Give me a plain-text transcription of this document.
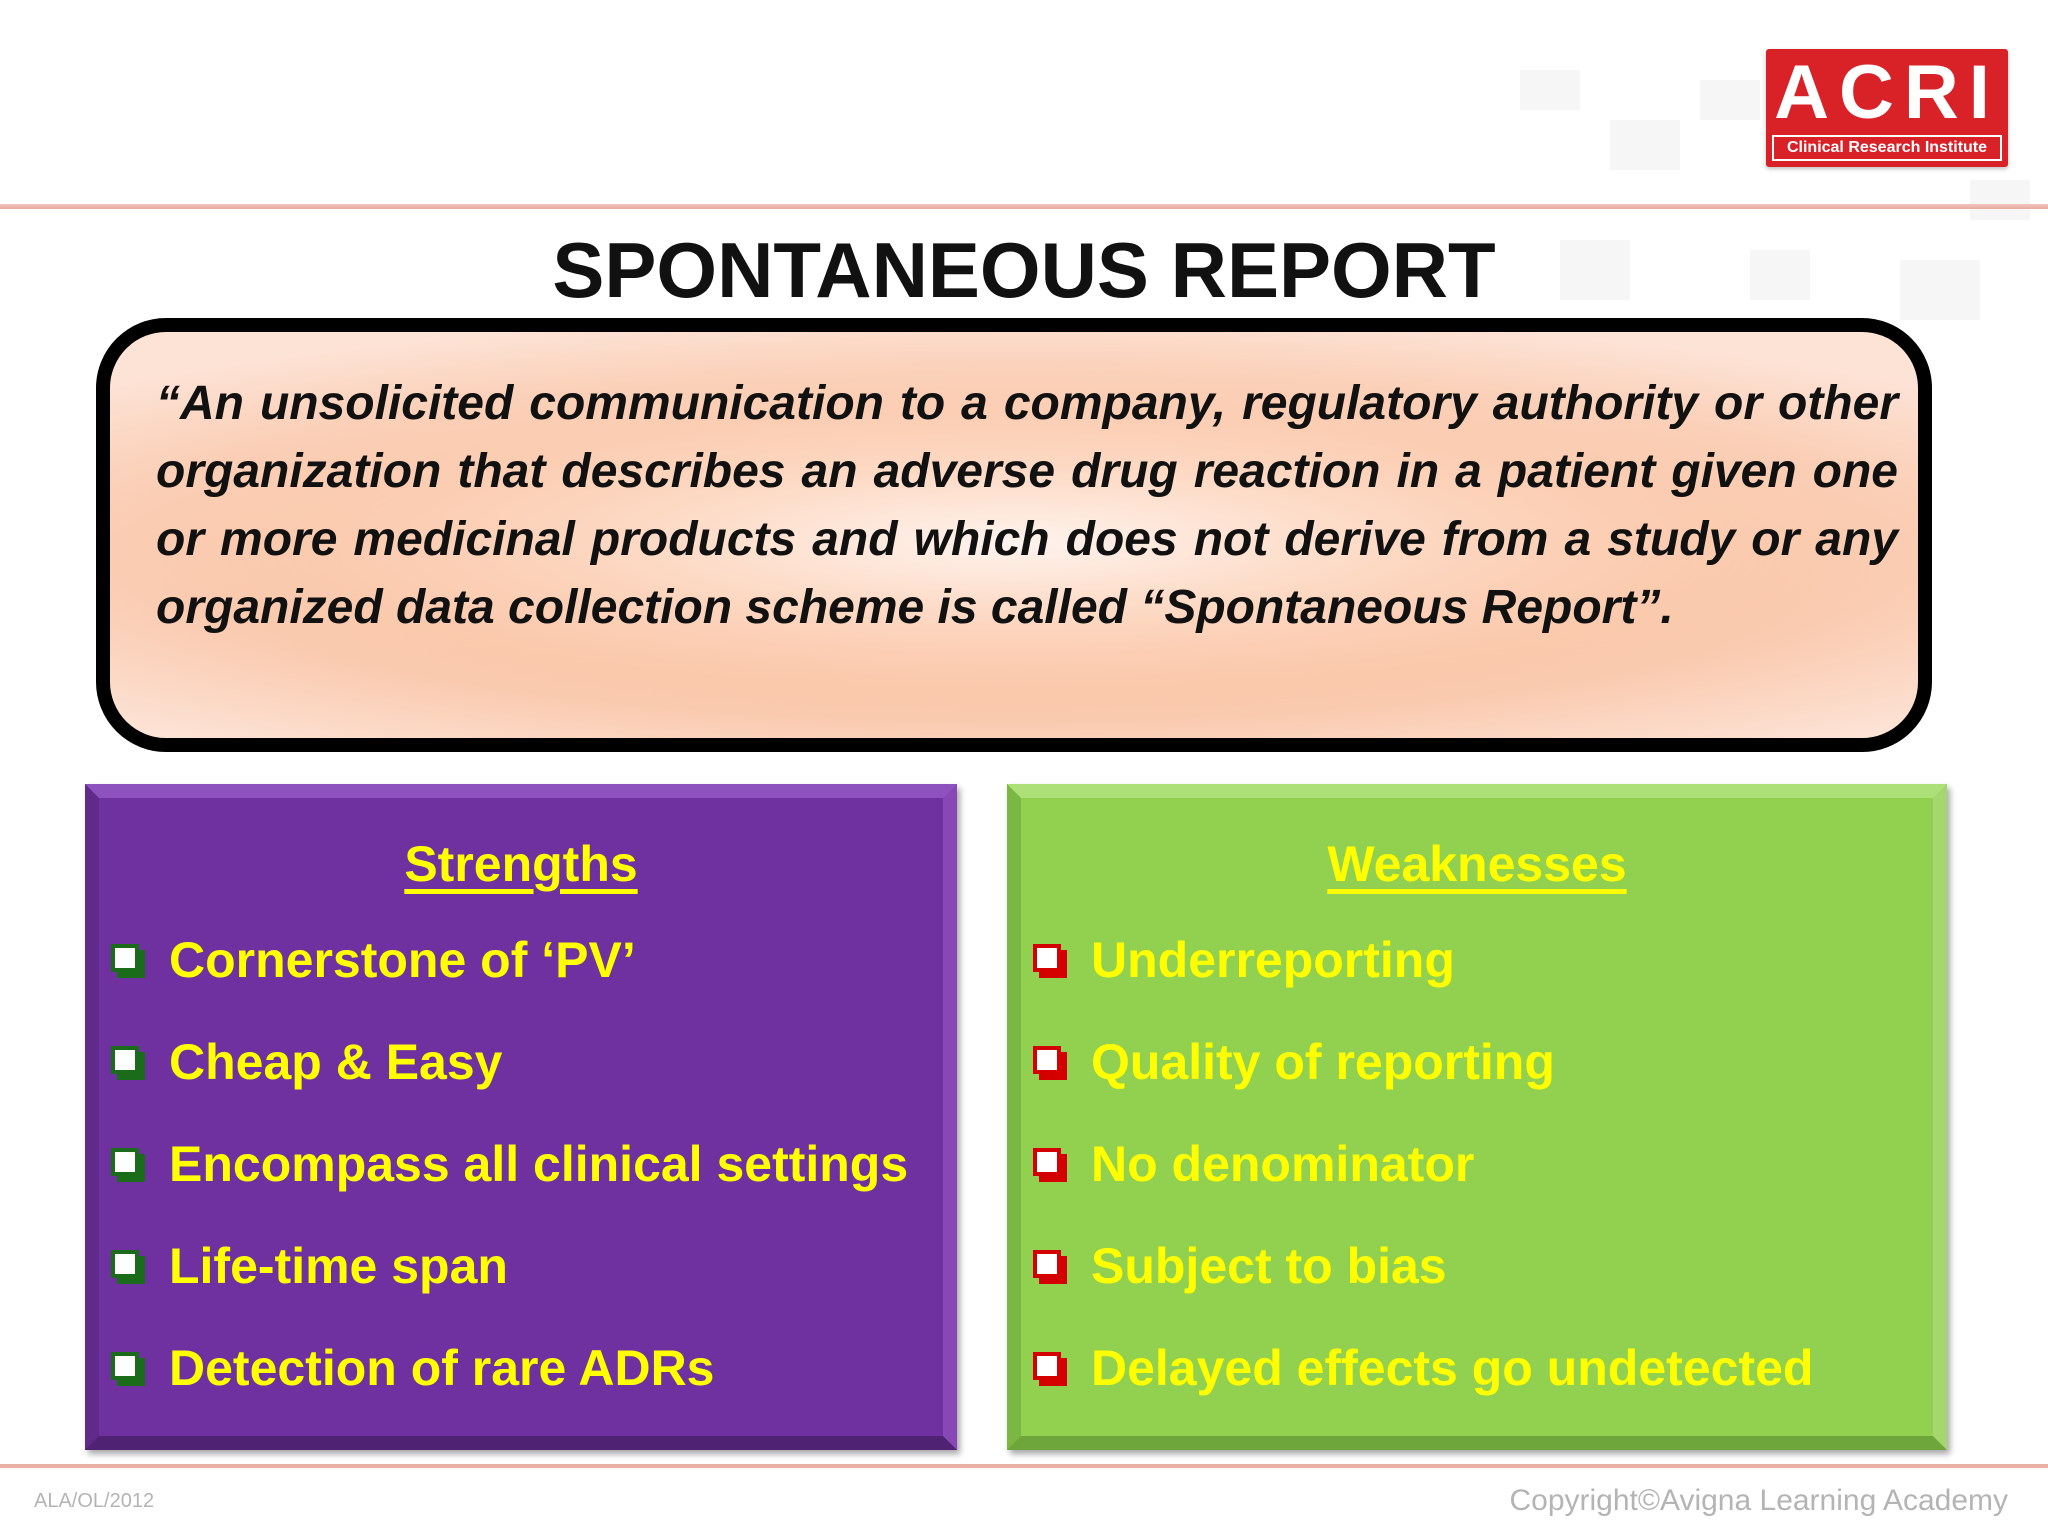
ACRI
Clinical Research Institute
SPONTANEOUS REPORT
“An unsolicited communication to a company, regulatory authority or other organization that describes an adverse drug reaction in a patient given one or more medicinal products and which does not derive from a study or any organized data collection scheme is called “Spontaneous Report”.
Strengths
Cornerstone of ‘PV’
Cheap & Easy
Encompass all clinical settings
Life-time span
Detection of rare ADRs
Weaknesses
Underreporting
Quality of reporting
No denominator
Subject to bias
Delayed effects go undetected
ALA/OL/2012	Copyright©Avigna Learning Academy
